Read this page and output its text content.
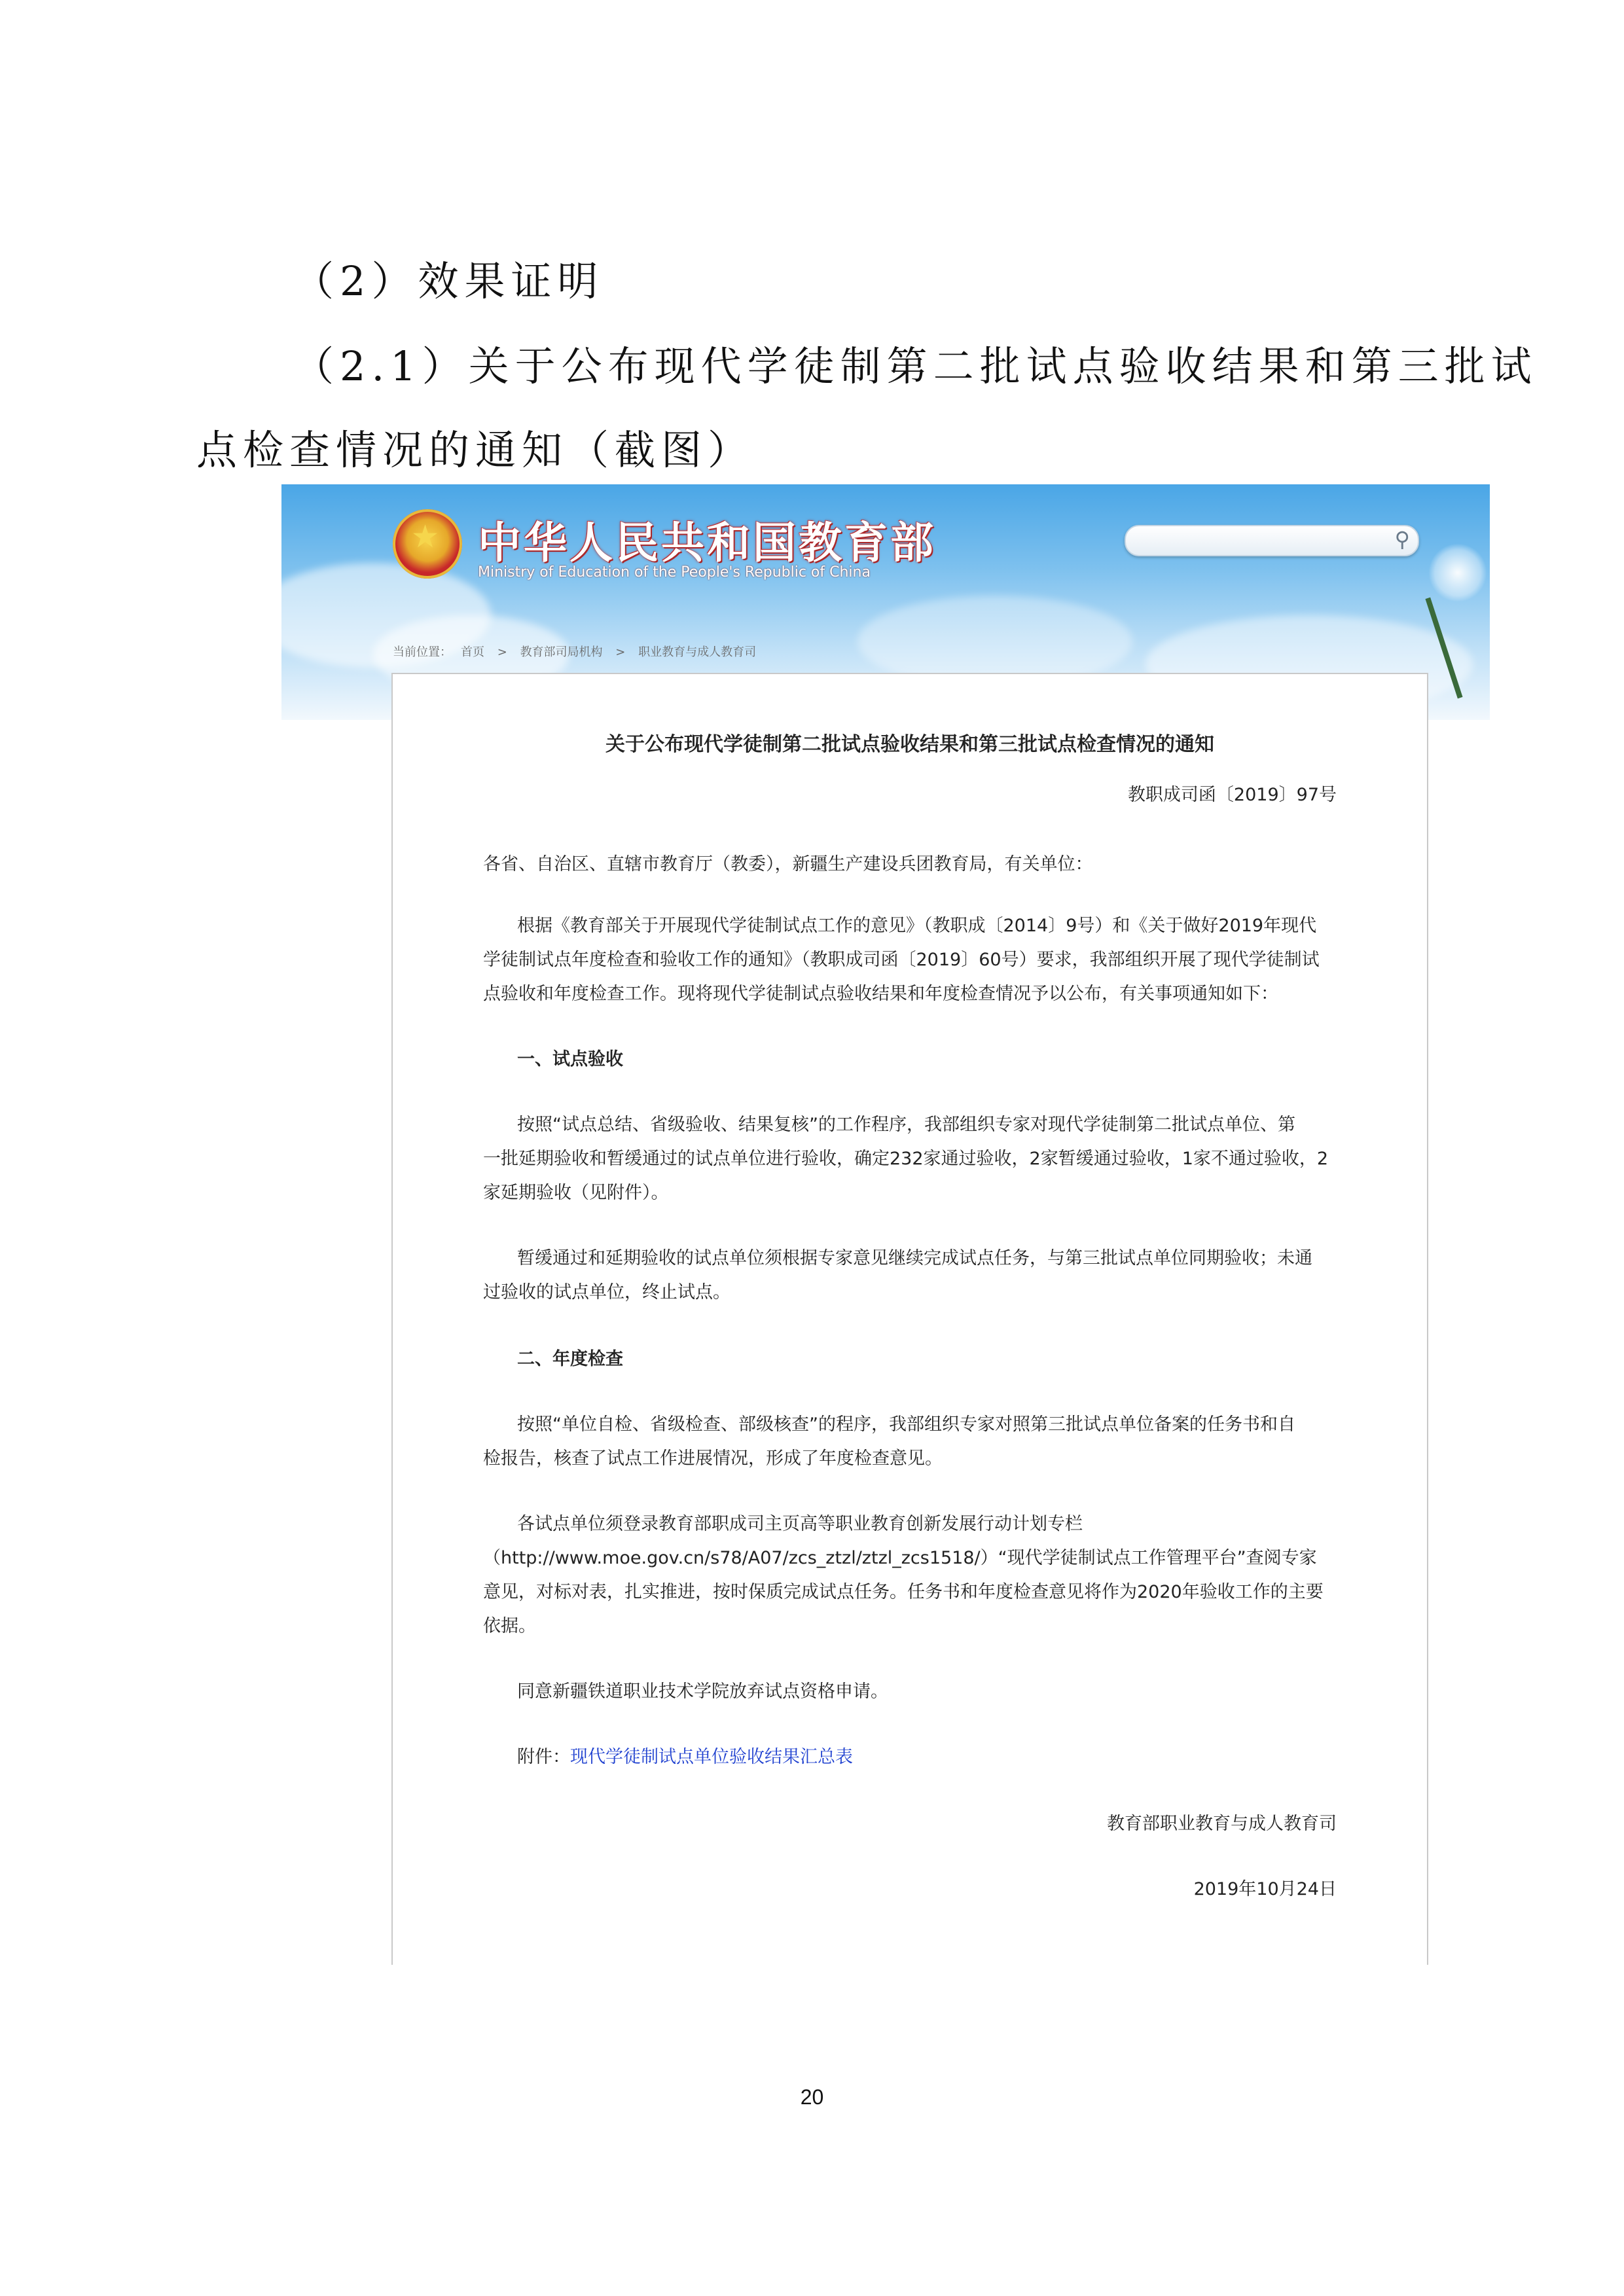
（2）效果证明

（2.1）关于公布现代学徒制第二批试点验收结果和第三批试

点检查情况的通知（截图）

★ 中华人民共和国教育部
Ministry of Education of the People's Republic of China
⚲
当前位置： 首页 > 教育部司局机构 > 职业教育与成人教育司

关于公布现代学徒制第二批试点验收结果和第三批试点检查情况的通知

教职成司函〔2019〕97号

各省、自治区、直辖市教育厅（教委），新疆生产建设兵团教育局，有关单位：

根据《教育部关于开展现代学徒制试点工作的意见》（教职成〔2014〕9号）和《关于做好2019年现代

学徒制试点年度检查和验收工作的通知》（教职成司函〔2019〕60号）要求，我部组织开展了现代学徒制试

点验收和年度检查工作。现将现代学徒制试点验收结果和年度检查情况予以公布，有关事项通知如下：

一、试点验收

按照“试点总结、省级验收、结果复核”的工作程序，我部组织专家对现代学徒制第二批试点单位、第

一批延期验收和暂缓通过的试点单位进行验收，确定232家通过验收，2家暂缓通过验收，1家不通过验收，2

家延期验收（见附件）。

暂缓通过和延期验收的试点单位须根据专家意见继续完成试点任务，与第三批试点单位同期验收；未通

过验收的试点单位，终止试点。

二、年度检查

按照“单位自检、省级检查、部级核查”的程序，我部组织专家对照第三批试点单位备案的任务书和自

检报告，核查了试点工作进展情况，形成了年度检查意见。

各试点单位须登录教育部职成司主页高等职业教育创新发展行动计划专栏

（http://www.moe.gov.cn/s78/A07/zcs_ztzl/ztzl_zcs1518/）“现代学徒制试点工作管理平台”查阅专家

意见，对标对表，扎实推进，按时保质完成试点任务。任务书和年度检查意见将作为2020年验收工作的主要

依据。

同意新疆铁道职业技术学院放弃试点资格申请。

附件：现代学徒制试点单位验收结果汇总表

教育部职业教育与成人教育司

2019年10月24日

20
